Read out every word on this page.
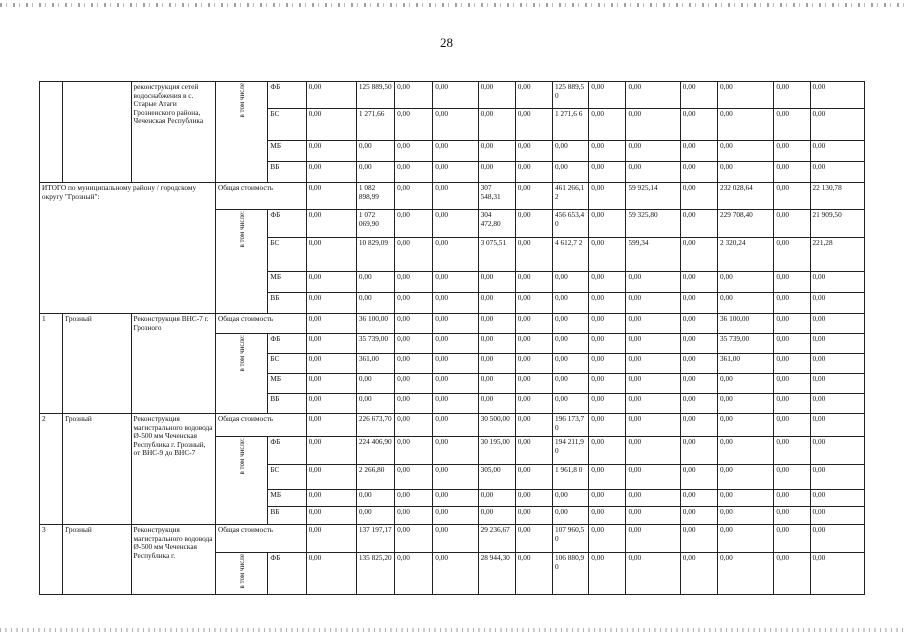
28
		реконструкция сетей водоснабжения в с. Старые Атаги Грозненского района, Чеченская Республика	в том числе	ФБ	0,00	125 889,50	0,00	0,00	0,00	0,00	125 889,5 0	0,00	0,00	0,00	0,00	0,00	0,00
				БС	0,00	1 271,66	0,00	0,00	0,00	0,00	1 271,6 6	0,00	0,00	0,00	0,00	0,00	0,00
				МБ	0,00	0,00	0,00	0,00	0,00	0,00	0,00	0,00	0,00	0,00	0,00	0,00	0,00
				ВБ	0,00	0,00	0,00	0,00	0,00	0,00	0,00	0,00	0,00	0,00	0,00	0,00	0,00
ИТОГО по муниципальному району / городскому округу "Грозный":			Общая стоимость		0,00	1 082 898,99	0,00	0,00	307 548,31	0,00	461 266,1 2	0,00	59 925,14	0,00	232 028,64	0,00	22 130,78

			в том числе:	ФБ	0,00	1 072 069,90	0,00	0,00	304 472,80	0,00	456 653,4 0	0,00	59 325,80	0,00	229 708,40	0,00	21 909,50
				БС	0,00	10 829,09	0,00	0,00	3 075,51	0,00	4 612,7 2	0,00	599,34	0,00	2 320,24	0,00	221,28
				МБ	0,00	0,00	0,00	0,00	0,00	0,00	0,00	0,00	0,00	0,00	0,00	0,00	0,00
				ВБ	0,00	0,00	0,00	0,00	0,00	0,00	0,00	0,00	0,00	0,00	0,00	0,00	0,00
1	Грозный	Реконструкция ВНС-7 г. Грозного	Общая стоимость		0,00	36 100,00	0,00	0,00	0,00	0,00	0,00	0,00	0,00	0,00	36 100,00	0,00	0,00

			в том числе:	ФБ	0,00	35 739,00	0,00	0,00	0,00	0,00	0,00	0,00	0,00	0,00	35 739,00	0,00	0,00
				БС	0,00	361,00	0,00	0,00	0,00	0,00	0,00	0,00	0,00	0,00	361,00	0,00	0,00
				МБ	0,00	0,00	0,00	0,00	0,00	0,00	0,00	0,00	0,00	0,00	0,00	0,00	0,00
				ВБ	0,00	0,00	0,00	0,00	0,00	0,00	0,00	0,00	0,00	0,00	0,00	0,00	0,00
2	Грозный	Реконструкция магистрального водовода Ø-500 мм Чеченская Республика г. Грозный, от ВНС-9 до ВНС-7	Общая стоимость		0,00	226 673,70	0,00	0,00	30 500,00	0,00	196 173,7 0	0,00	0,00	0,00	0,00	0,00	0,00

			в том числе:	ФБ	0,00	224 406,90	0,00	0,00	30 195,00	0,00	194 211,9 0	0,00	0,00	0,00	0,00	0,00	0,00
				БС	0,00	2 266,80	0,00	0,00	305,00	0,00	1 961,8 0	0,00	0,00	0,00	0,00	0,00	0,00
				МБ	0,00	0,00	0,00	0,00	0,00	0,00	0,00	0,00	0,00	0,00	0,00	0,00	0,00
				ВБ	0,00	0,00	0,00	0,00	0,00	0,00	0,00	0,00	0,00	0,00	0,00	0,00	0,00
3	Грозный	Реконструкция магистрального водовода Ø-500 мм Чеченская Республика г.	Общая стоимость		0,00	137 197,17	0,00	0,00	29 236,67	0,00	107 960,5 0	0,00	0,00	0,00	0,00	0,00	0,00

			в том числе	ФБ	0,00	135 825,20	0,00	0,00	28 944,30	0,00	106 880,9 0	0,00	0,00	0,00	0,00	0,00	0,00
